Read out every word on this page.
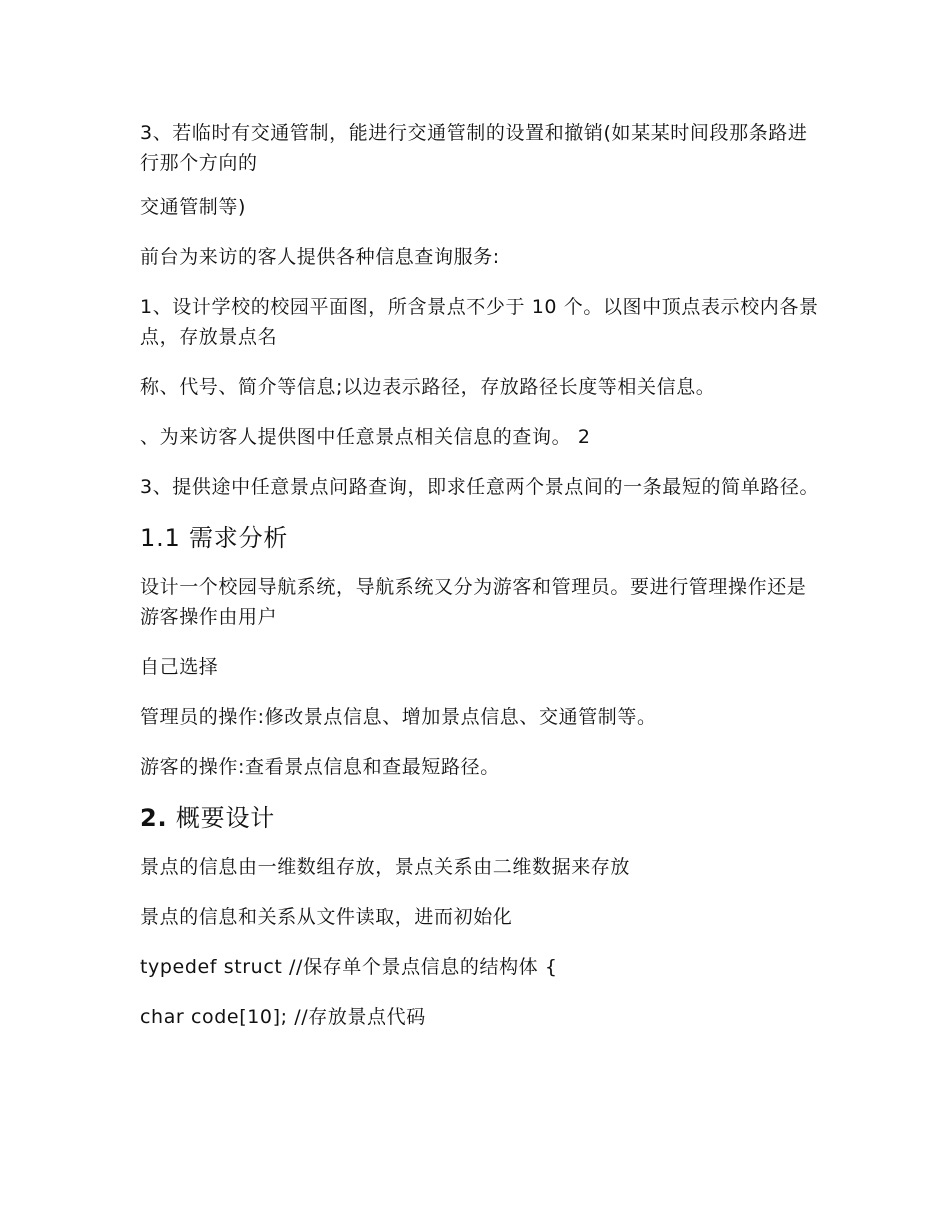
3、若临时有交通管制，能进行交通管制的设置和撤销(如某某时间段那条路进行那个方向的

交通管制等)

前台为来访的客人提供各种信息查询服务:

1、设计学校的校园平面图，所含景点不少于 10 个。以图中顶点表示校内各景点，存放景点名

称、代号、简介等信息;以边表示路径，存放路径长度等相关信息。

、为来访客人提供图中任意景点相关信息的查询。 2

3、提供途中任意景点问路查询，即求任意两个景点间的一条最短的简单路径。

1.1 需求分析

设计一个校园导航系统，导航系统又分为游客和管理员。要进行管理操作还是游客操作由用户

自己选择

管理员的操作:修改景点信息、增加景点信息、交通管制等。

游客的操作:查看景点信息和查最短路径。

2. 概要设计

景点的信息由一维数组存放，景点关系由二维数据来存放

景点的信息和关系从文件读取，进而初始化

typedef struct //保存单个景点信息的结构体 {

char code[10]; //存放景点代码
